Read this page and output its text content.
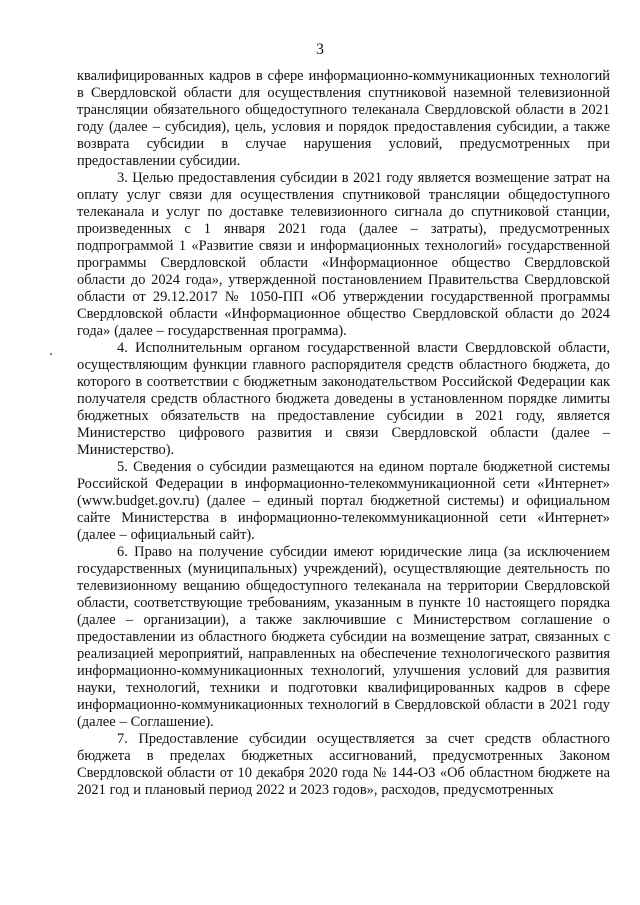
3

квалифицированных кадров в сфере информационно-коммуникационных технологий в Свердловской области для осуществления спутниковой наземной телевизионной трансляции обязательного общедоступного телеканала Свердловской области в 2021 году (далее – субсидия), цель, условия и порядок предоставления субсидии, а также возврата субсидии в случае нарушения условий, предусмотренных при предоставлении субсидии.

3. Целью предоставления субсидии в 2021 году является возмещение затрат на оплату услуг связи для осуществления спутниковой трансляции общедоступного телеканала и услуг по доставке телевизионного сигнала до спутниковой станции, произведенных с 1 января 2021 года (далее – затраты), предусмотренных подпрограммой 1 «Развитие связи и информационных технологий» государственной программы Свердловской области «Информационное общество Свердловской области до 2024 года», утвержденной постановлением Правительства Свердловской области от 29.12.2017 № 1050-ПП «Об утверждении государственной программы Свердловской области «Информационное общество Свердловской области до 2024 года» (далее – государственная программа).

4. Исполнительным органом государственной власти Свердловской области, осуществляющим функции главного распорядителя средств областного бюджета, до которого в соответствии с бюджетным законодательством Российской Федерации как получателя средств областного бюджета доведены в установленном порядке лимиты бюджетных обязательств на предоставление субсидии в 2021 году, является Министерство цифрового развития и связи Свердловской области (далее – Министерство).

5. Сведения о субсидии размещаются на едином портале бюджетной системы Российской Федерации в информационно-телекоммуникационной сети «Интернет» (www.budget.gov.ru) (далее – единый портал бюджетной системы) и официальном сайте Министерства в информационно-телекоммуникационной сети «Интернет» (далее – официальный сайт).

6. Право на получение субсидии имеют юридические лица (за исключением государственных (муниципальных) учреждений), осуществляющие деятельность по телевизионному вещанию общедоступного телеканала на территории Свердловской области, соответствующие требованиям, указанным в пункте 10 настоящего порядка (далее – организации), а также заключившие с Министерством соглашение о предоставлении из областного бюджета субсидии на возмещение затрат, связанных с реализацией мероприятий, направленных на обеспечение технологического развития информационно-коммуникационных технологий, улучшения условий для развития науки, технологий, техники и подготовки квалифицированных кадров в сфере информационно-коммуникационных технологий в Свердловской области в 2021 году (далее – Соглашение).

7. Предоставление субсидии осуществляется за счет средств областного бюджета в пределах бюджетных ассигнований, предусмотренных Законом Свердловской области от 10 декабря 2020 года № 144-ОЗ «Об областном бюджете на 2021 год и плановый период 2022 и 2023 годов», расходов, предусмотренных
